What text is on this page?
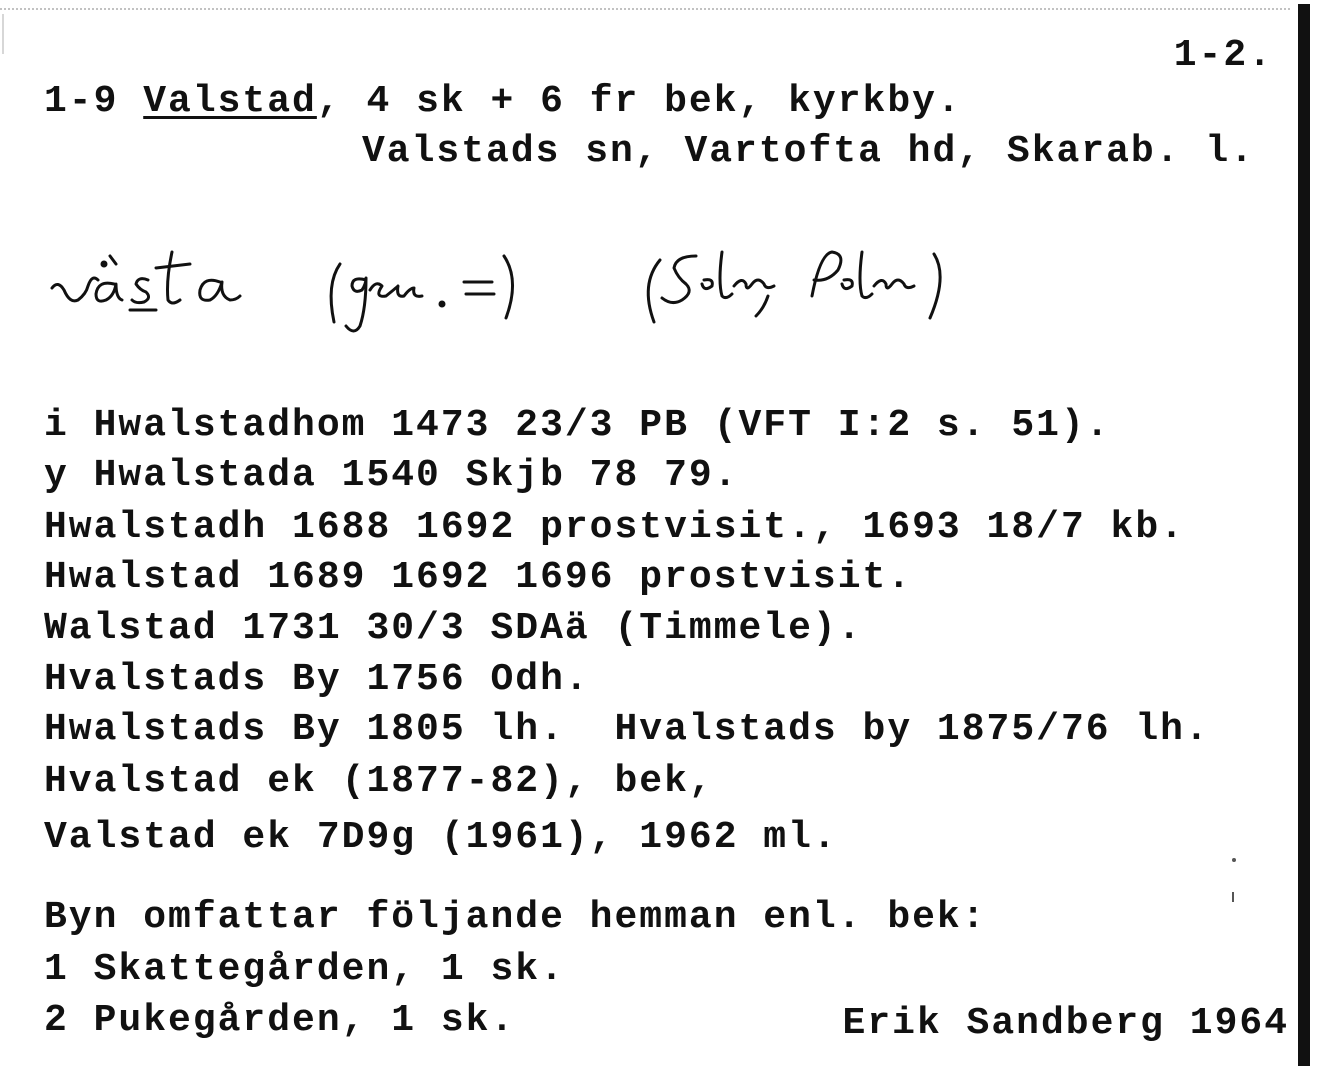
1-2.
1-9 Valstad, 4 sk + 6 fr bek, kyrkby.
Valstads sn, Vartofta hd, Skarab. l.
i Hwalstadhom 1473 23/3 PB (VFT I:2 s. 51).
y Hwalstada 1540 Skjb 78 79.
Hwalstadh 1688 1692 prostvisit., 1693 18/7 kb.
Hwalstad 1689 1692 1696 prostvisit.
Walstad 1731 30/3 SDAä (Timmele).
Hvalstads By 1756 Odh.
Hwalstads By 1805 lh.  Hvalstads by 1875/76 lh.
Hvalstad ek (1877-82), bek,
Valstad ek 7D9g (1961), 1962 ml.
Byn omfattar följande hemman enl. bek:
1 Skattegården, 1 sk.
2 Pukegården, 1 sk.	Erik Sandberg 1964
